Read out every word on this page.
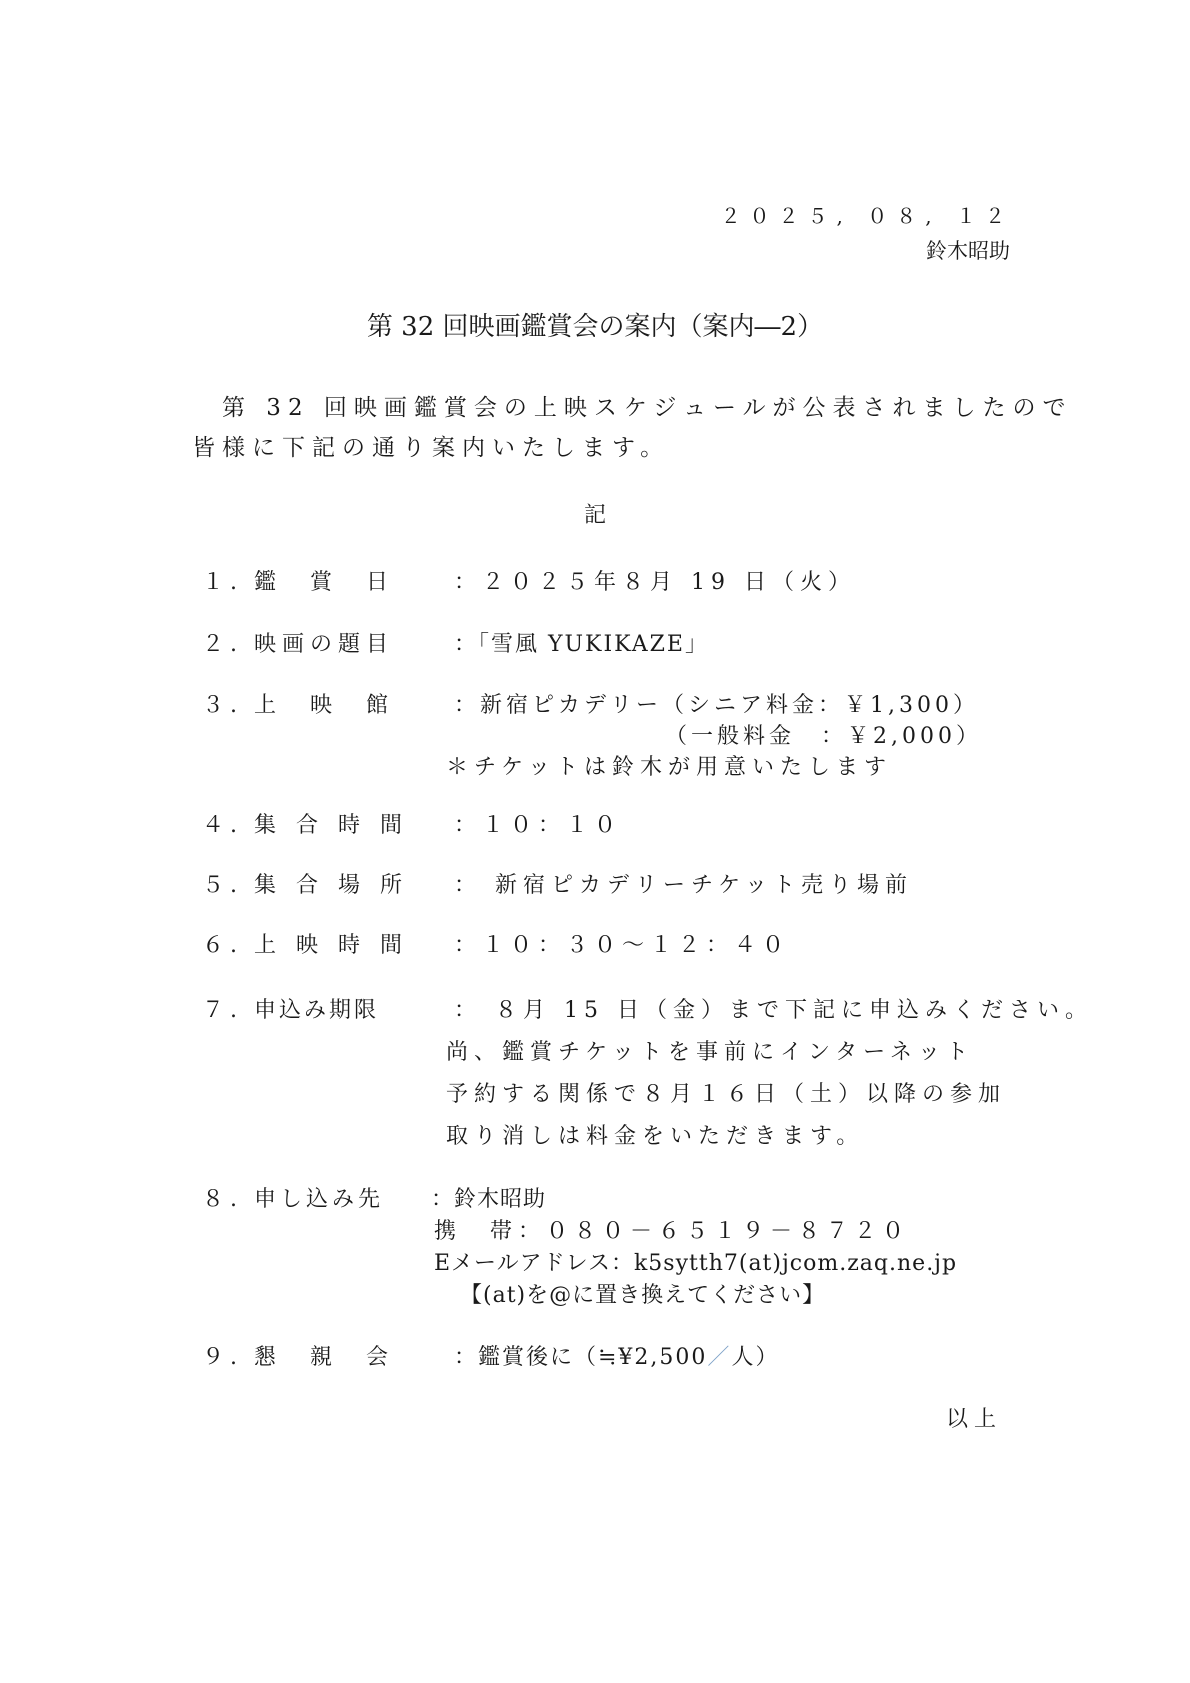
２０２５, ０８, １２
鈴木昭助
第 32 回映画鑑賞会の案内（案内―2）
第 32 回映画鑑賞会の上映スケジュールが公表されましたので
皆様に下記の通り案内いたします。
記
１. 鑑　賞　日	：２０２５年８月 19 日（火）
２. 映画の題目	：「雪風 YUKIKAZE」
３. 上　映　館	：新宿ピカデリー（シニア料金：￥1,300）
（一般料金　：￥2,000）
＊チケットは鈴木が用意いたします
４. 集合時間 ：１０：１０
５. 集合場所 ： 新宿ピカデリーチケット売り場前
６. 上映時間 ：１０：３０～１２：４０
７. 申込み期限	： ８月 15 日（金）まで下記に申込みください。
尚、鑑賞チケットを事前にインターネット
予約する関係で８月１６日（土）以降の参加
取り消しは料金をいただきます。
８. 申し込み先 ：鈴木昭助
携　帯：０８０－６５１９－８７２０
Eメールアドレス：k5sytth7(at)jcom.zaq.ne.jp
【(at)を@に置き換えてください】
９. 懇　親　会	：鑑賞後に（≒¥2,500／人）
以上
